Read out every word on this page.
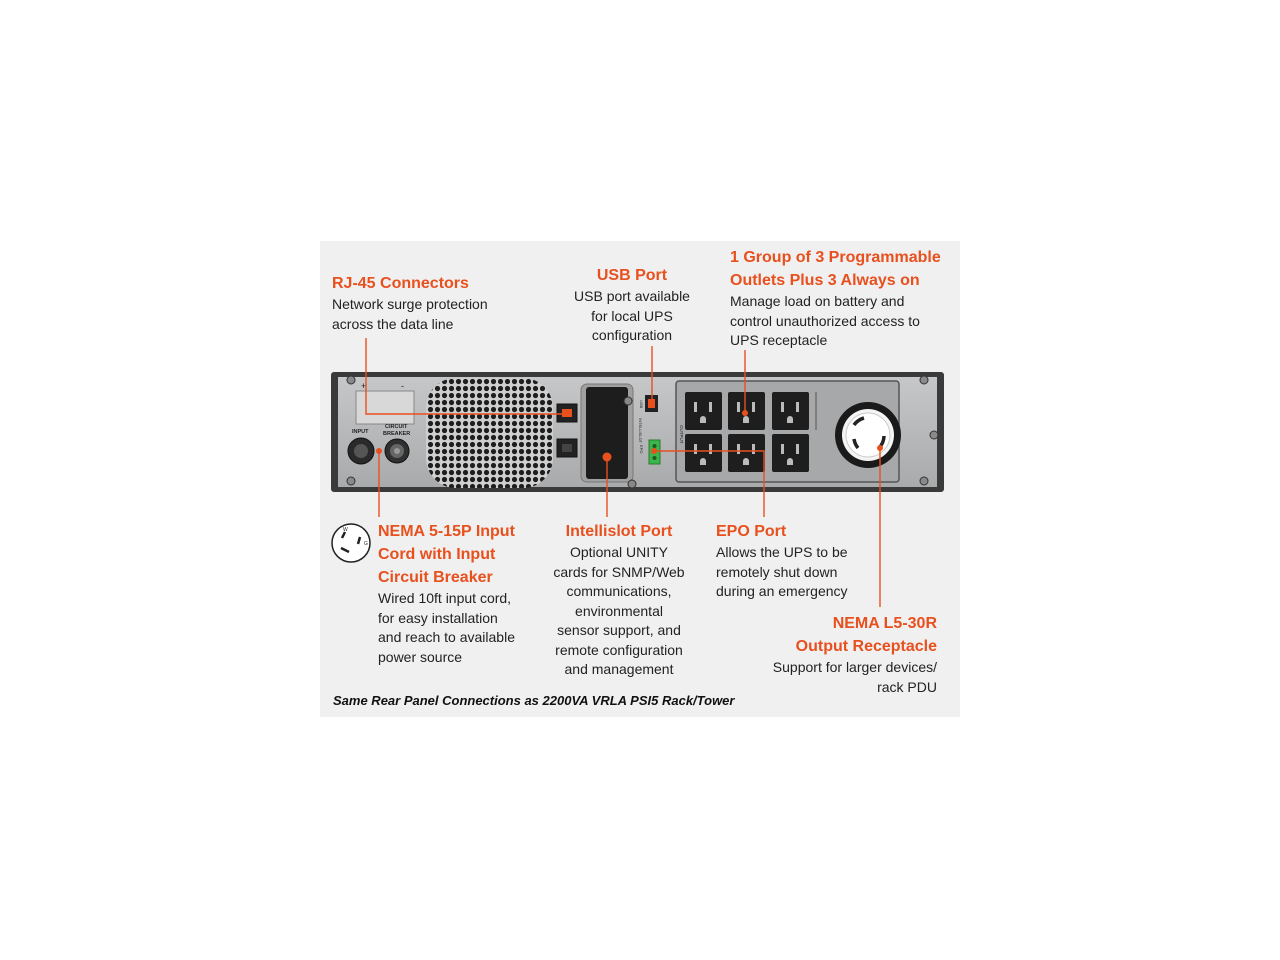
+	-
INPUT
CIRCUIT
BREAKER	INTELLISLOT
USB
EPO
OUTPUT
W
G
RJ-45 Connectors
Network surge protection
across the data line
USB Port
USB port available
for local UPS
configuration
1 Group of 3 Programmable
Outlets Plus 3 Always on
Manage load on battery and
control unauthorized access to
UPS receptacle
NEMA 5-15P Input
Cord with Input
Circuit Breaker
Wired 10ft input cord,
for easy installation
and reach to available
power source
Intellislot Port
Optional UNITY
cards for SNMP/Web
communications,
environmental
sensor support, and
remote configuration
and management
EPO Port
Allows the UPS to be
remotely shut down
during an emergency
NEMA L5-30R
Output Receptacle
Support for larger devices/
rack PDU
Same Rear Panel Connections as 2200VA VRLA PSI5 Rack/Tower
